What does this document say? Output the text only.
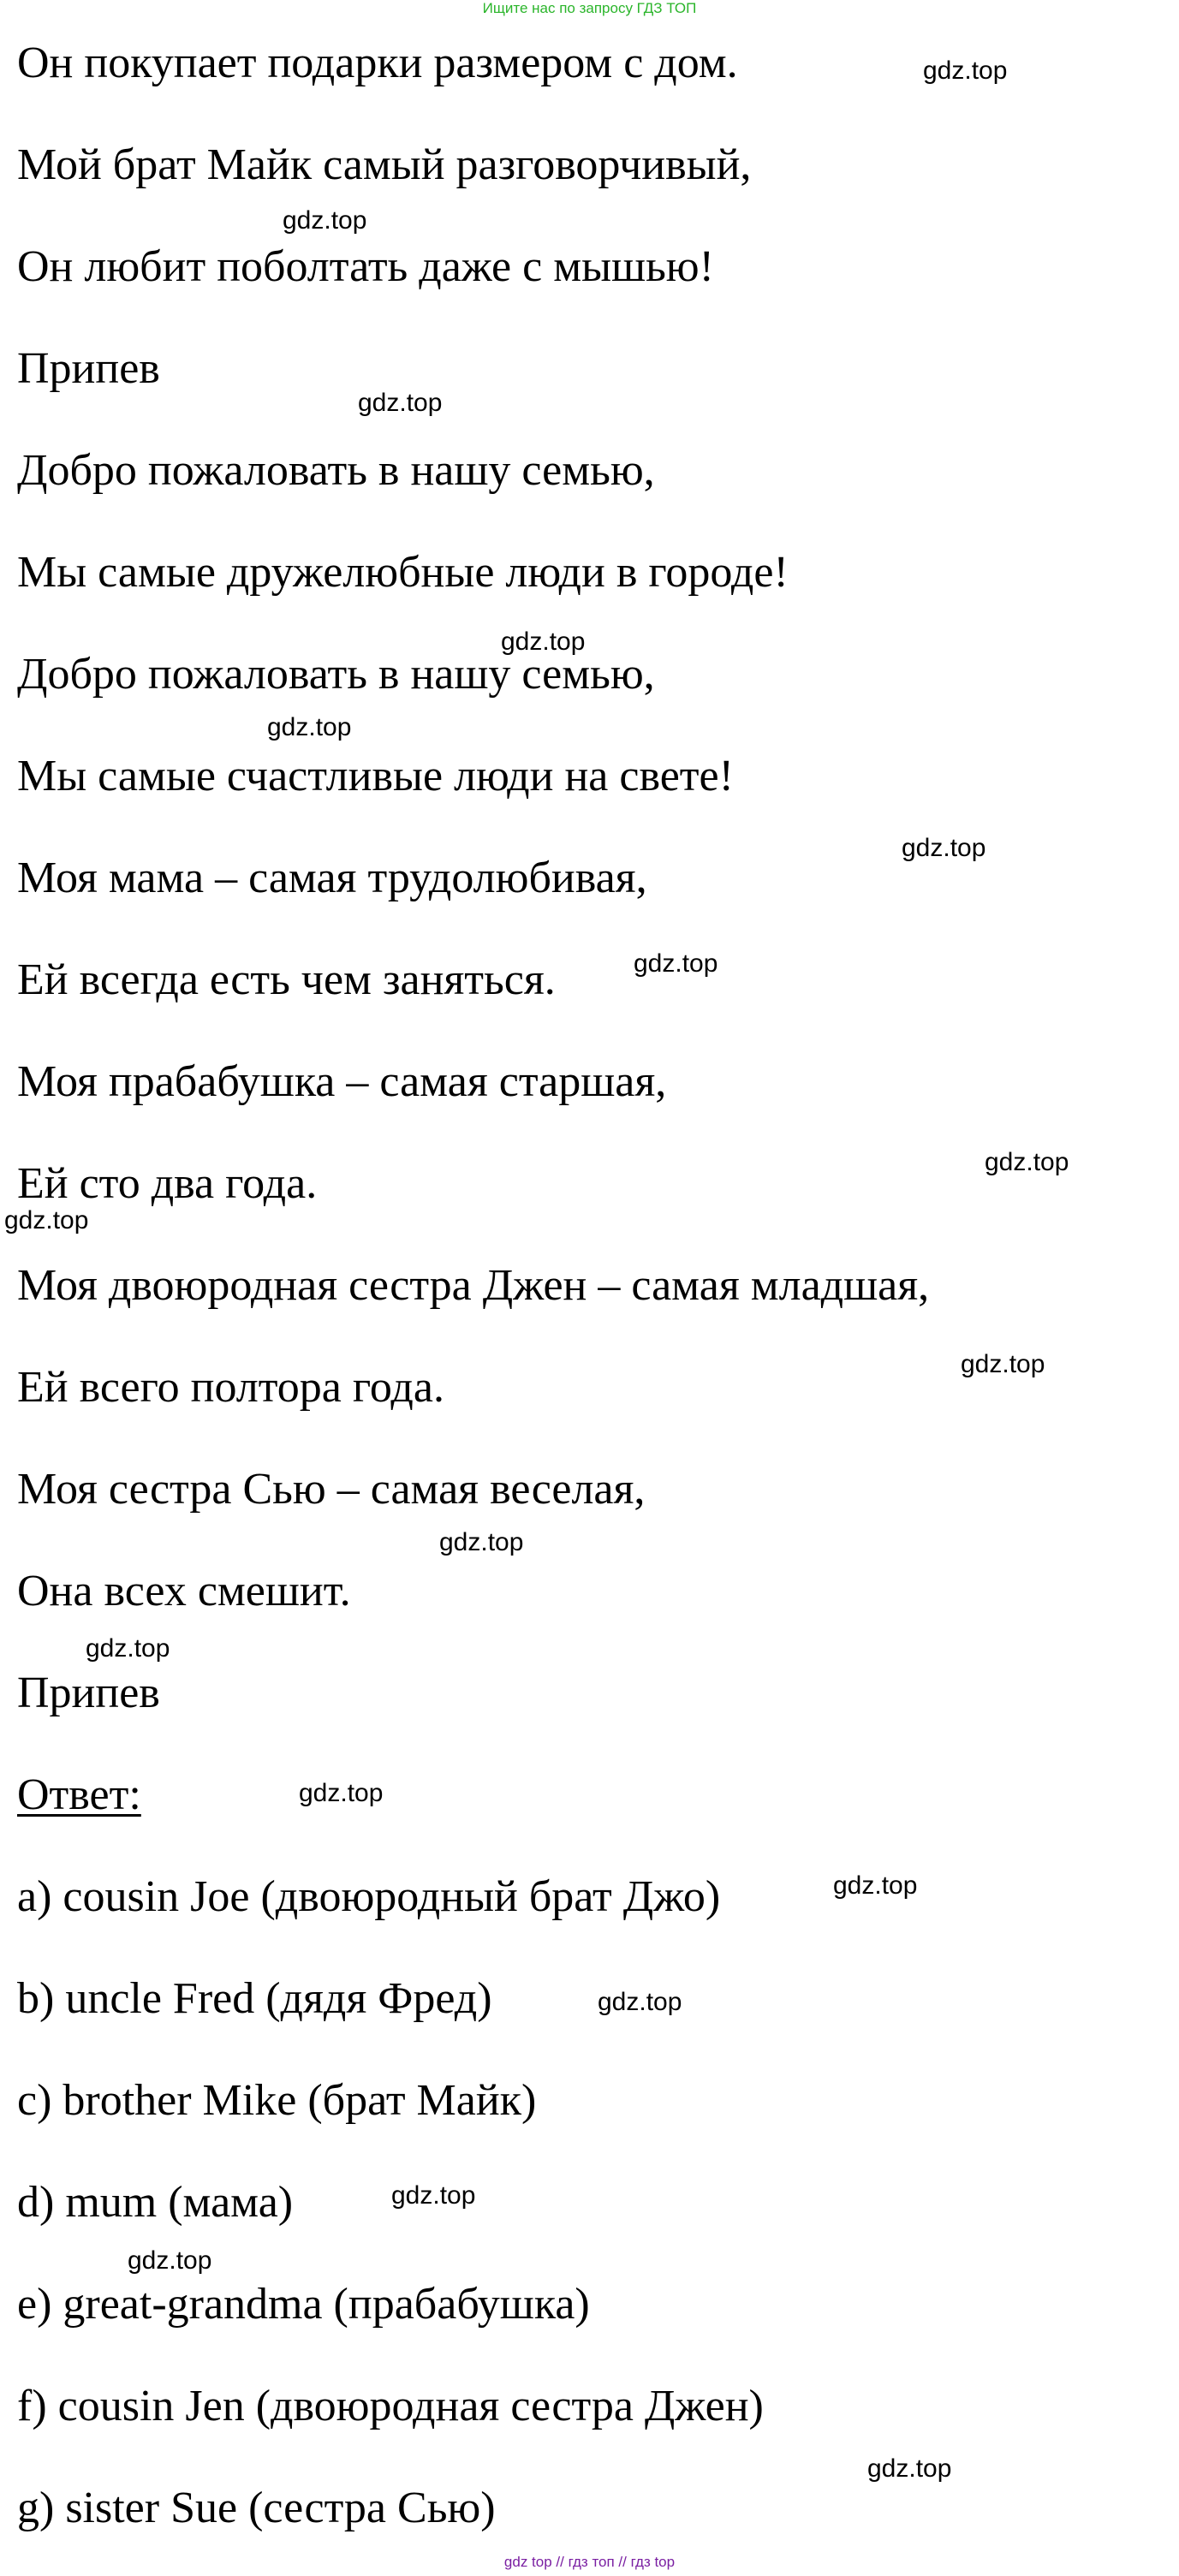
Ищите нас по запросу ГДЗ ТОП
Он покупает подарки размером с дом.
Мой брат Майк самый разговорчивый,
Он любит поболтать даже с мышью!
Припев
Добро пожаловать в нашу семью,
Мы самые дружелюбные люди в городе!
Добро пожаловать в нашу семью,
Мы самые счастливые люди на свете!
Моя мама – самая трудолюбивая,
Ей всегда есть чем заняться.
Моя прабабушка – самая старшая,
Ей сто два года.
Моя двоюродная сестра Джен – самая младшая,
Ей всего полтора года.
Моя сестра Сью – самая веселая,
Она всех смешит.
Припев
Ответ:
a) cousin Joe (двоюродный брат Джо)
b) uncle Fred (дядя Фред)
c) brother Mike (брат Майк)
d) mum (мама)
e) great-grandma (прабабушка)
f) cousin Jen (двоюродная сестра Джен)
g) sister Sue (сестра Сью)
gdz.top
gdz.top
gdz.top
gdz.top
gdz.top
gdz.top
gdz.top
gdz.top
gdz.top
gdz.top
gdz.top
gdz.top
gdz.top
gdz.top
gdz.top
gdz.top
gdz.top
gdz.top
gdz top // гдз топ // гдз top
